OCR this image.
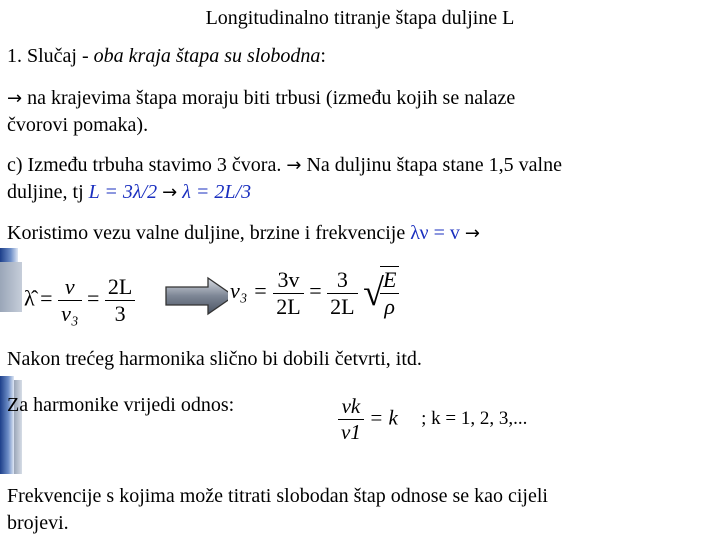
Longitudinalno titranje štapa duljine L
1. Slučaj - oba kraja štapa su slobodna:
→ na krajevima štapa moraju biti trbusi (između kojih se nalaze
čvorovi pomaka).
c) Između trbuha stavimo 3 čvora. → Na duljinu štapa stane 1,5 valne
duljine, tj L = 3λ/2 → λ = 2L/3
Koristimo vezu valne duljine, brzine i frekvencije λν = v →
λ̂ = $\frac{v}{\text{ν₃}} = \frac{2L}{3}$	$\nu_3 = \frac{3v}{2L} = \frac{3}{2L}$ √
$\frac{E}{\rho}$
Nakon trećeg harmonika slično bi dobili četvrti, itd.
Za harmonike vrijedi odnos:	$\frac{\nu k}{\nu 1} = k$ ; k = 1, 2, 3,...
Frekvencije s kojima može titrati slobodan štap odnose se kao cijeli
brojevi.
